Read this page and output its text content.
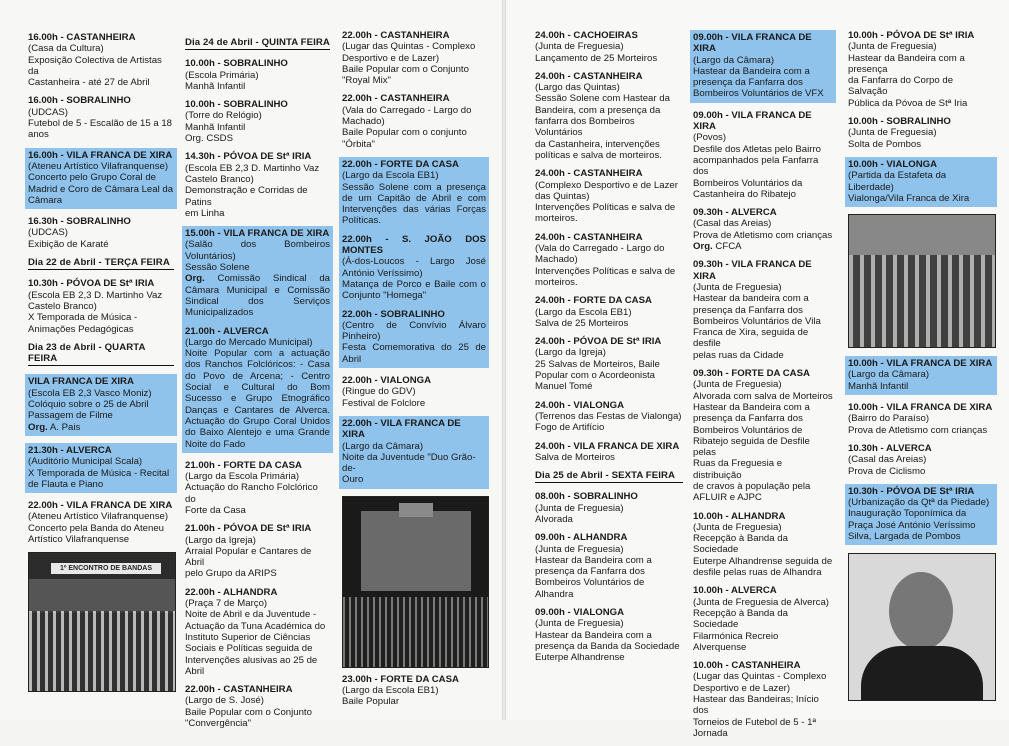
16.00h - CASTANHEIRA
(Casa da Cultura)
Exposição Colectiva de Artistas da
Castanheira - até 27 de Abril
16.00h - SOBRALINHO
(UDCAS)
Futebol de 5 - Escalão de 15 a 18
anos
16.00h - VILA FRANCA DE XIRA
(Ateneu Artístico Vilafranquense)
Concerto pelo Grupo Coral de
Madrid e Coro de Câmara Leal da
Câmara
16.30h - SOBRALINHO
(UDCAS)
Exibição de Karaté
Dia 22 de Abril - TERÇA FEIRA
10.30h - PÓVOA DE Stª IRIA
(Escola EB 2,3 D. Martinho Vaz
Castelo Branco)
X Temporada de Música -
Animações Pedagógicas
Dia 23 de Abril - QUARTA FEIRA
VILA FRANCA DE XIRA
(Escola EB 2,3 Vasco Moniz)
Colóquio sobre o 25 de Abril
Passagem de Filme
Org. A. Pais
21.30h - ALVERCA
(Auditório Municipal Scala)
X Temporada de Música - Recital
de Flauta e Piano
22.00h - VILA FRANCA DE XIRA
(Ateneu Artístico Vilafranquense)
Concerto pela Banda do Ateneu
Artístico Vilafranquense
1º ENCONTRO DE BANDAS
Dia 24 de Abril - QUINTA FEIRA
10.00h - SOBRALINHO
(Escola Primária)
Manhã Infantil
10.00h - SOBRALINHO
(Torre do Relógio)
Manhã Infantil
Org. CSDS
14.30h - PÓVOA DE Stª IRIA
(Escola EB 2,3 D. Martinho Vaz
Castelo Branco)
Demonstração e Corridas de Patins
em Linha
15.00h - VILA FRANCA DE XIRA
(Salão dos Bombeiros Voluntários)
Sessão Solene
Org. Comissão Sindical da Câmara Municipal e Comissão Sindical dos Serviços Municipalizados
21.00h - ALVERCA
(Largo do Mercado Municipal)
Noite Popular com a actuação dos Ranchos Folclóricos: - Casa do Povo de Arcena; - Centro Social e Cultural do Bom Sucesso e Grupo Etnográfico Danças e Cantares de Alverca. Actuação do Grupo Coral Unidos do Baixo Alentejo e uma Grande Noite do Fado
21.00h - FORTE DA CASA
(Largo da Escola Primária)
Actuação do Rancho Folclórico do
Forte da Casa
21.00h - PÓVOA DE Stª IRIA
(Largo da Igreja)
Arraial Popular e Cantares de Abril
pelo Grupo da ARIPS
22.00h - ALHANDRA
(Praça 7 de Março)
Noite de Abril e da Juventude -
Actuação da Tuna Académica do
Instituto Superior de Ciências
Sociais e Políticas seguida de
Intervenções alusivas ao 25 de
Abril
22.00h - CASTANHEIRA
(Largo de S. José)
Baile Popular com o Conjunto
"Convergência"
22.00h - CASTANHEIRA
(Lugar das Quintas - Complexo
Desportivo e de Lazer)
Baile Popular com o Conjunto
"Royal Mix"
22.00h - CASTANHEIRA
(Vala do Carregado - Largo do
Machado)
Baile Popular com o conjunto
"Órbita"
22.00h - FORTE DA CASA
(Largo da Escola EB1)
Sessão Solene com a presença de um Capitão de Abril e com Intervenções das várias Forças Políticas.
22.00h - S. JOÃO DOS MONTES
(Á-dos-Loucos - Largo José António Veríssimo)
Matança de Porco e Baile com o Conjunto "Homega"
22.00h - SOBRALINHO
(Centro de Convívio Álvaro Pinheiro)
Festa Comemorativa do 25 de Abril
22.00h - VIALONGA
(Ringue do GDV)
Festival de Folclore
22.00h - VILA FRANCA DE XIRA
(Largo da Câmara)
Noite da Juventude "Duo Grão-de-
Ouro
23.00h - FORTE DA CASA
(Largo da Escola EB1)
Baile Popular
24.00h - CACHOEIRAS
(Junta de Freguesia)
Lançamento de 25 Morteiros
24.00h - CASTANHEIRA
(Largo das Quintas)
Sessão Solene com Hastear da
Bandeira, com a presença da
fanfarra dos Bombeiros Voluntários
da Castanheira, intervenções
políticas e salva de morteiros.
24.00h - CASTANHEIRA
(Complexo Desportivo e de Lazer
das Quintas)
Intervenções Políticas e salva de
morteiros.
24.00h - CASTANHEIRA
(Vala do Carregado - Largo do
Machado)
Intervenções Políticas e salva de
morteiros.
24.00h - FORTE DA CASA
(Largo da Escola EB1)
Salva de 25 Morteiros
24.00h - PÓVOA DE Stª IRIA
(Largo da Igreja)
25 Salvas de Morteiros, Baile
Popular com o Acordeonista
Manuel Tomé
24.00h - VIALONGA
(Terrenos das Festas de Vialonga)
Fogo de Artifício
24.00h - VILA FRANCA DE XIRA
Salva de Morteiros
Dia 25 de Abril - SEXTA FEIRA
08.00h - SOBRALINHO
(Junta de Freguesia)
Alvorada
09.00h - ALHANDRA
(Junta de Freguesia)
Hastear da Bandeira com a
presença da Fanfarra dos
Bombeiros Voluntários de Alhandra
09.00h - VIALONGA
(Junta de Freguesia)
Hastear da Bandeira com a
presença da Banda da Sociedade
Euterpe Alhandrense
09.00h - VILA FRANCA DE XIRA
(Largo da Câmara)
Hastear da Bandeira com a
presença da Fanfarra dos
Bombeiros Voluntários de VFX
09.00h - VILA FRANCA DE XIRA
(Povos)
Desfile dos Atletas pelo Bairro
acompanhados pela Fanfarra dos
Bombeiros Voluntários da
Castanheira do Ribatejo
09.30h - ALVERCA
(Casal das Areias)
Prova de Atletismo com crianças
Org. CFCA
09.30h - VILA FRANCA DE XIRA
(Junta de Freguesia)
Hastear da bandeira com a
presença da Fanfarra dos
Bombeiros Voluntários de Vila
Franca de Xira, seguida de desfile
pelas ruas da Cidade
09.30h - FORTE DA CASA
(Junta de Freguesia)
Alvorada com salva de Morteiros
Hastear da Bandeira com a
presença da Fanfarra dos
Bombeiros Voluntários de
Ribatejo seguida de Desfile pelas
Ruas da Freguesia e distribuição
de cravos à população pela
AFLUIR e AJPC
10.00h - ALHANDRA
(Junta de Freguesia)
Recepção à Banda da Sociedade
Euterpe Alhandrense seguida de
desfile pelas ruas de Alhandra
10.00h - ALVERCA
(Junta de Freguesia de Alverca)
Recepção à Banda da Sociedade
Filarmónica Recreio Alverquense
10.00h - CASTANHEIRA
(Lugar das Quintas - Complexo
Desportivo e de Lazer)
Hastear das Bandeiras; Início dos
Torneios de Futebol de 5 - 1ª
Jornada
10.00h - PÓVOA DE Stª IRIA
(Junta de Freguesia)
Hastear da Bandeira com a presença
da Fanfarra do Corpo de Salvação
Pública da Póvoa de Stª Iria
10.00h - SOBRALINHO
(Junta de Freguesia)
Solta de Pombos
10.00h - VIALONGA
(Partida da Estafeta da Liberdade)
Vialonga/Vila Franca de Xira
10.00h - VILA FRANCA DE XIRA
(Largo da Câmara)
Manhã Infantil
10.00h - VILA FRANCA DE XIRA
(Bairro do Paraíso)
Prova de Atletismo com crianças
10.30h - ALVERCA
(Casal das Areias)
Prova de Ciclismo
10.30h - PÓVOA DE Stª IRIA
(Urbanização da Qtª da Piedade)
Inauguração Toponímica da
Praça José António Veríssimo
Silva, Largada de Pombos
